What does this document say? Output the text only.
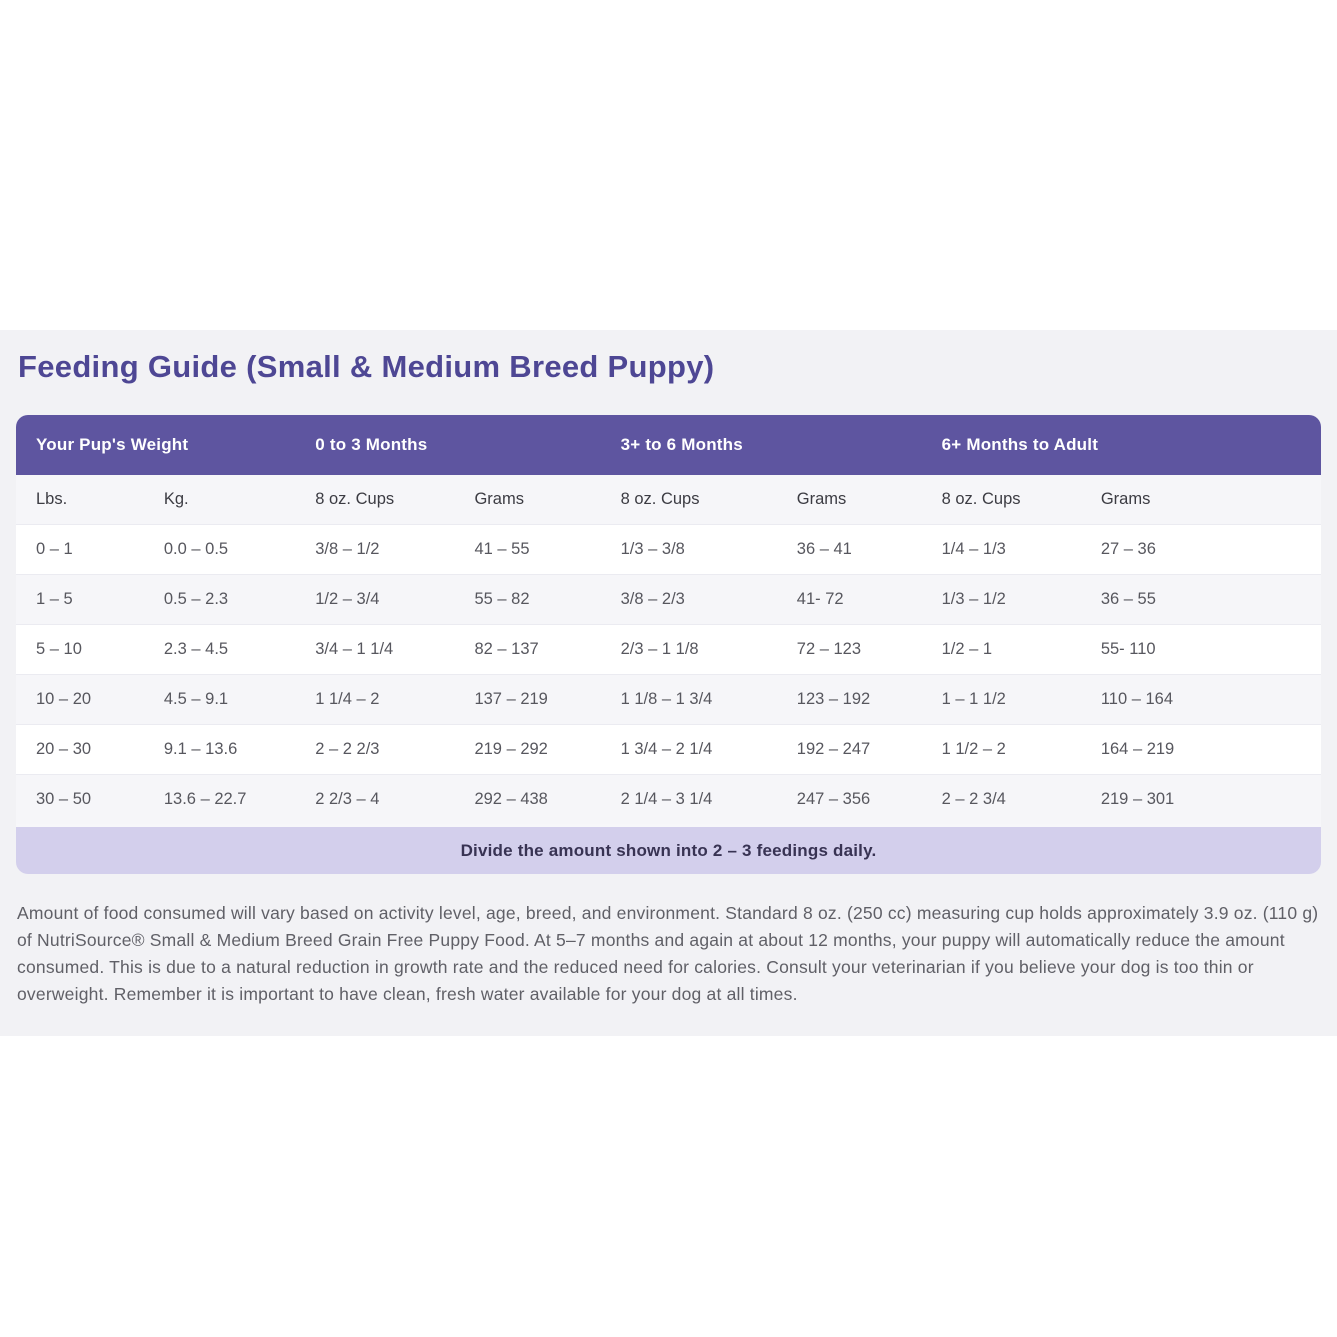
Feeding Guide (Small & Medium Breed Puppy)
Your Pup's Weight		0 to 3 Months		3+ to 6 Months		6+ Months to Adult	
Lbs.	Kg.	8 oz. Cups	Grams	8 oz. Cups	Grams	8 oz. Cups	Grams
0 – 1	0.0 – 0.5	3/8 – 1/2	41 – 55	1/3 – 3/8	36 – 41	1/4 – 1/3	27 – 36
1 – 5	0.5 – 2.3	1/2 – 3/4	55 – 82	3/8 – 2/3	41- 72	1/3 – 1/2	36 – 55
5 – 10	2.3 – 4.5	3/4 – 1 1/4	82 – 137	2/3 – 1 1/8	72 – 123	1/2 – 1	55- 110
10 – 20	4.5 – 9.1	1 1/4 – 2	137 – 219	1 1/8 – 1 3/4	123 – 192	1 – 1 1/2	110 – 164
20 – 30	9.1 – 13.6	2 – 2 2/3	219 – 292	1 3/4 – 2 1/4	192 – 247	1 1/2 – 2	164 – 219
30 – 50	13.6 – 22.7	2 2/3 – 4	292 – 438	2 1/4 – 3 1/4	247 – 356	2 – 2 3/4	219 – 301
Divide the amount shown into 2 – 3 feedings daily.							

Amount of food consumed will vary based on activity level, age, breed, and environment. Standard 8 oz. (250 cc) measuring cup holds approximately 3.9 oz. (110 g) of NutriSource® Small & Medium Breed Grain Free Puppy Food. At 5–7 months and again at about 12 months, your puppy will automatically reduce the amount consumed. This is due to a natural reduction in growth rate and the reduced need for calories. Consult your veterinarian if you believe your dog is too thin or overweight. Remember it is important to have clean, fresh water available for your dog at all times.
